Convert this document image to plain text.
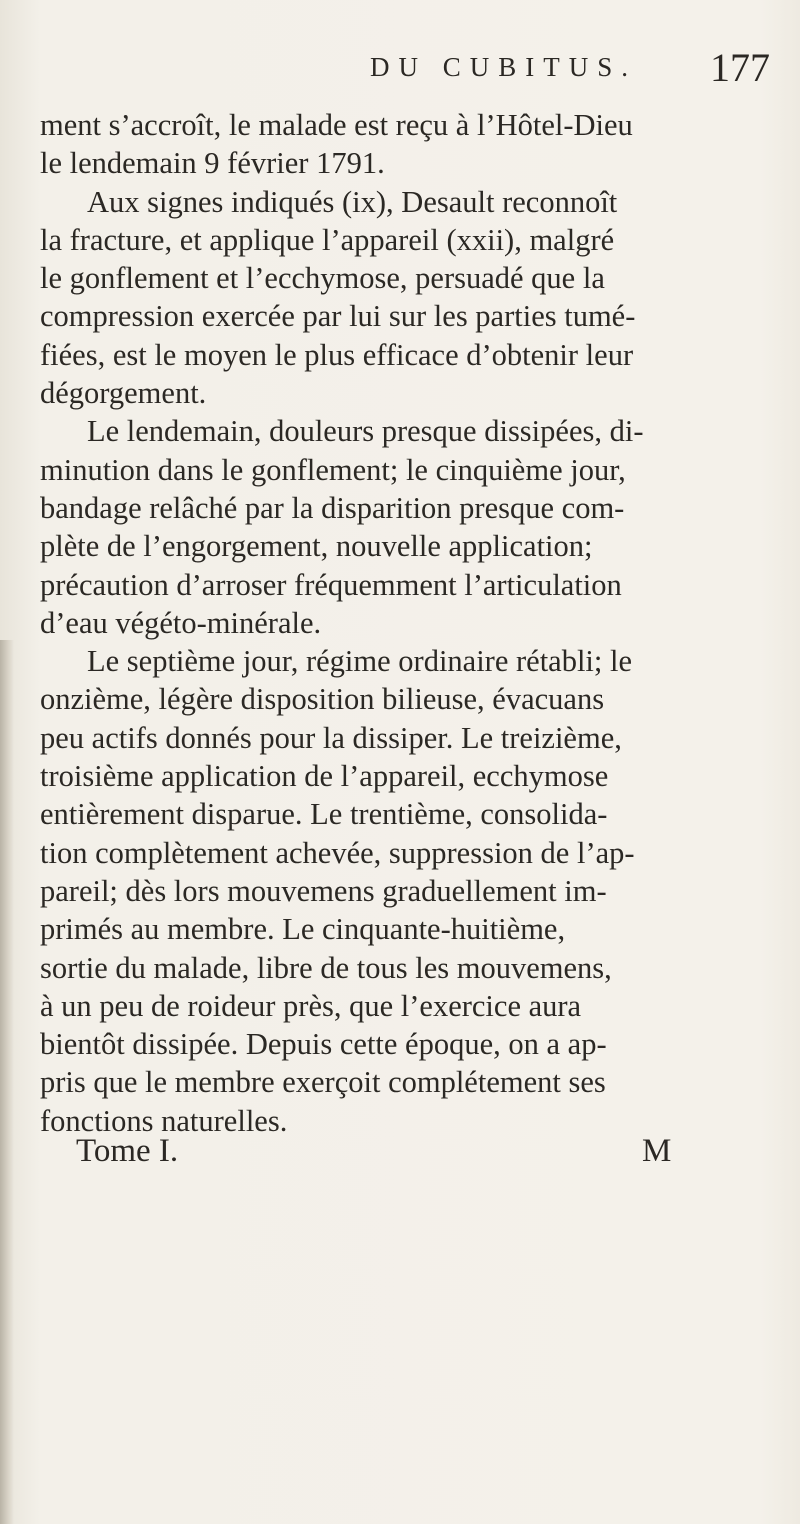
DU CUBITUS. 177
ment s’accroît, le malade est reçu à l’Hôtel-Dieu
le lendemain 9 février 1791.
Aux signes indiqués (ix), Desault reconnoît
la fracture, et applique l’appareil (xxii), malgré
le gonflement et l’ecchymose, persuadé que la
compression exercée par lui sur les parties tumé-
fiées, est le moyen le plus efficace d’obtenir leur
dégorgement.
Le lendemain, douleurs presque dissipées, di-
minution dans le gonflement; le cinquième jour,
bandage relâché par la disparition presque com-
plète de l’engorgement, nouvelle application;
précaution d’arroser fréquemment l’articulation
d’eau végéto-minérale.
Le septième jour, régime ordinaire rétabli; le
onzième, légère disposition bilieuse, évacuans
peu actifs donnés pour la dissiper. Le treizième,
troisième application de l’appareil, ecchymose
entièrement disparue. Le trentième, consolida-
tion complètement achevée, suppression de l’ap-
pareil; dès lors mouvemens graduellement im-
primés au membre. Le cinquante-huitième,
sortie du malade, libre de tous les mouvemens,
à un peu de roideur près, que l’exercice aura
bientôt dissipée. Depuis cette époque, on a ap-
pris que le membre exerçoit complétement ses
fonctions naturelles.
Tome I.	M
